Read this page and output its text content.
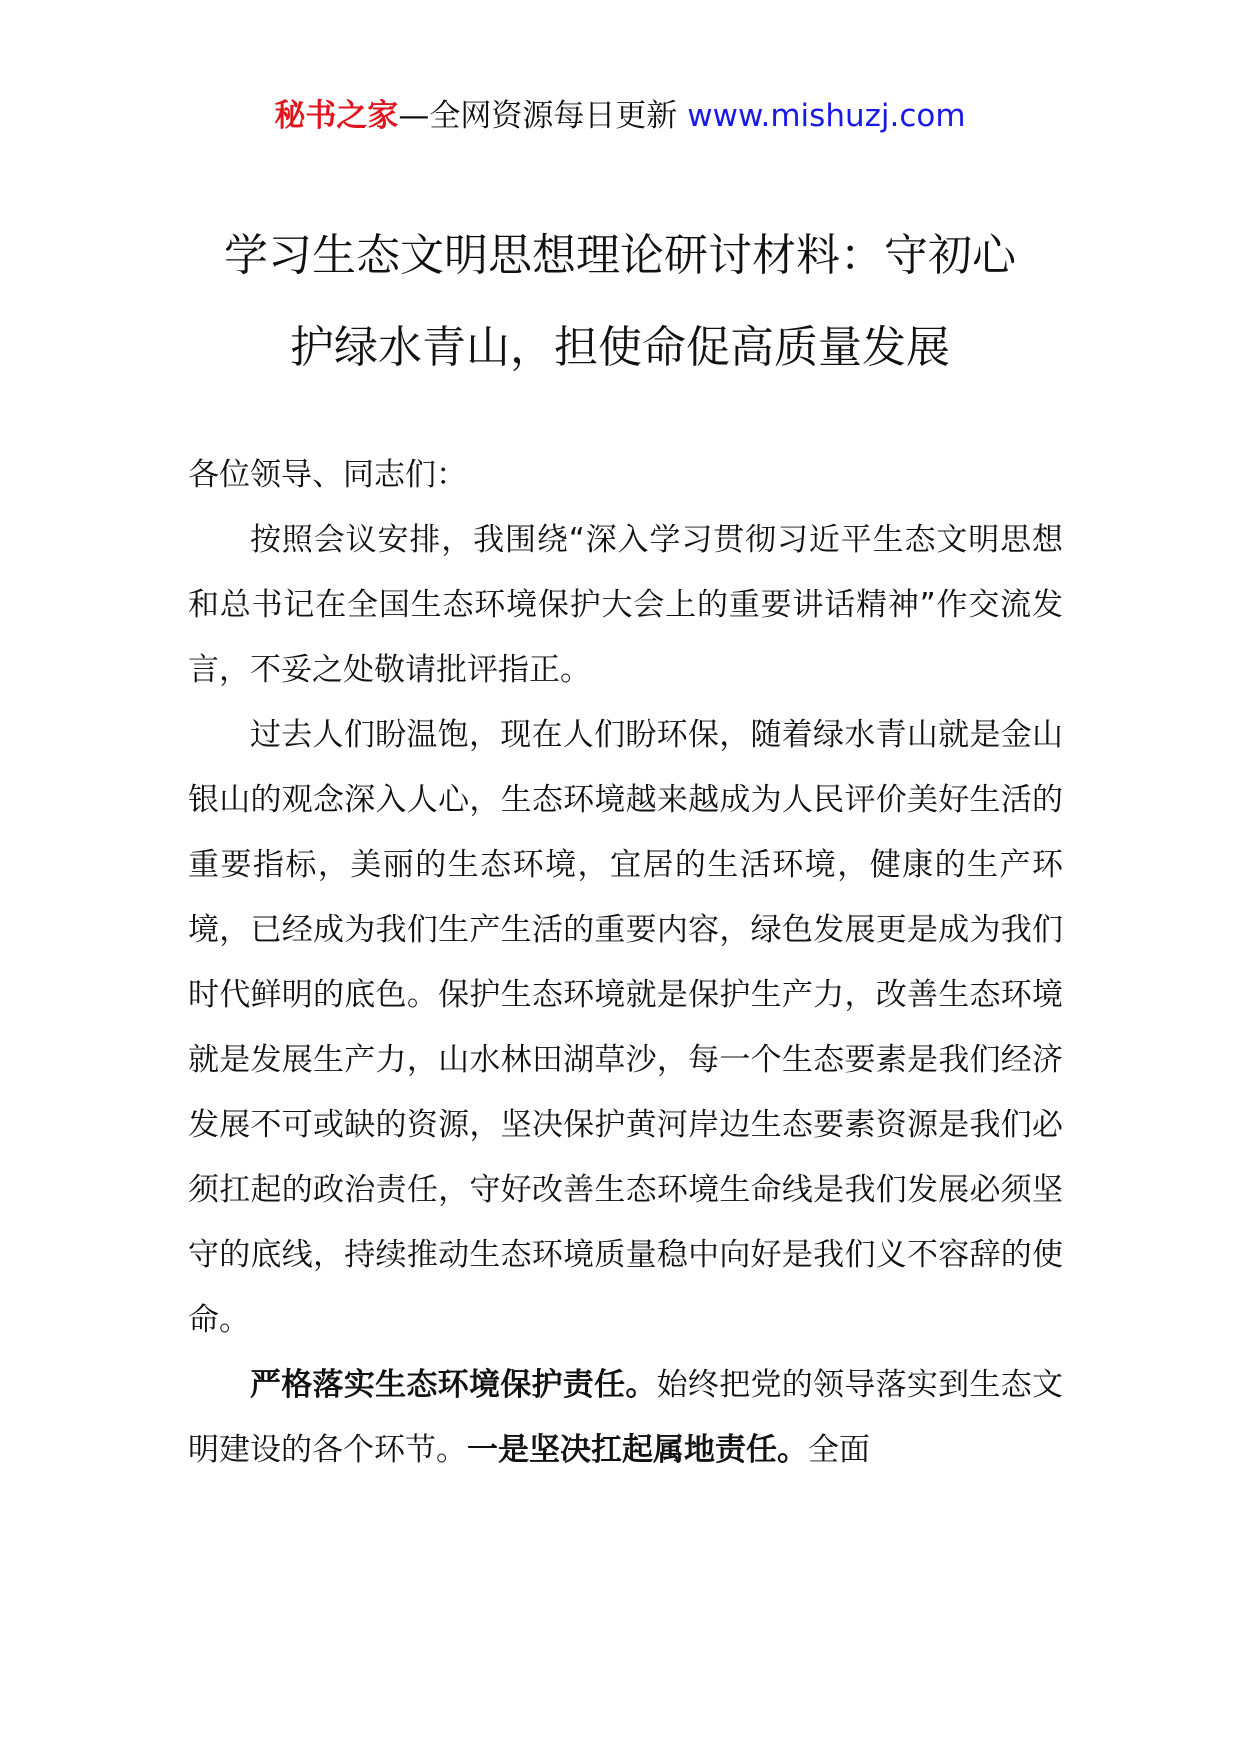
秘书之家—全网资源每日更新 www.mishuzj.com
学习生态文明思想理论研讨材料：守初心
护绿水青山，担使命促高质量发展

各位领导、同志们：

按照会议安排，我围绕“深入学习贯彻习近平生态文明思想和总书记在全国生态环境保护大会上的重要讲话精神”作交流发言，不妥之处敬请批评指正。

过去人们盼温饱，现在人们盼环保，随着绿水青山就是金山银山的观念深入人心，生态环境越来越成为人民评价美好生活的重要指标，美丽的生态环境，宜居的生活环境，健康的生产环境，已经成为我们生产生活的重要内容，绿色发展更是成为我们时代鲜明的底色。保护生态环境就是保护生产力，改善生态环境就是发展生产力，山水林田湖草沙，每一个生态要素是我们经济发展不可或缺的资源，坚决保护黄河岸边生态要素资源是我们必须扛起的政治责任，守好改善生态环境生命线是我们发展必须坚守的底线，持续推动生态环境质量稳中向好是我们义不容辞的使命。

严格落实生态环境保护责任。始终把党的领导落实到生态文明建设的各个环节。一是坚决扛起属地责任。全面
